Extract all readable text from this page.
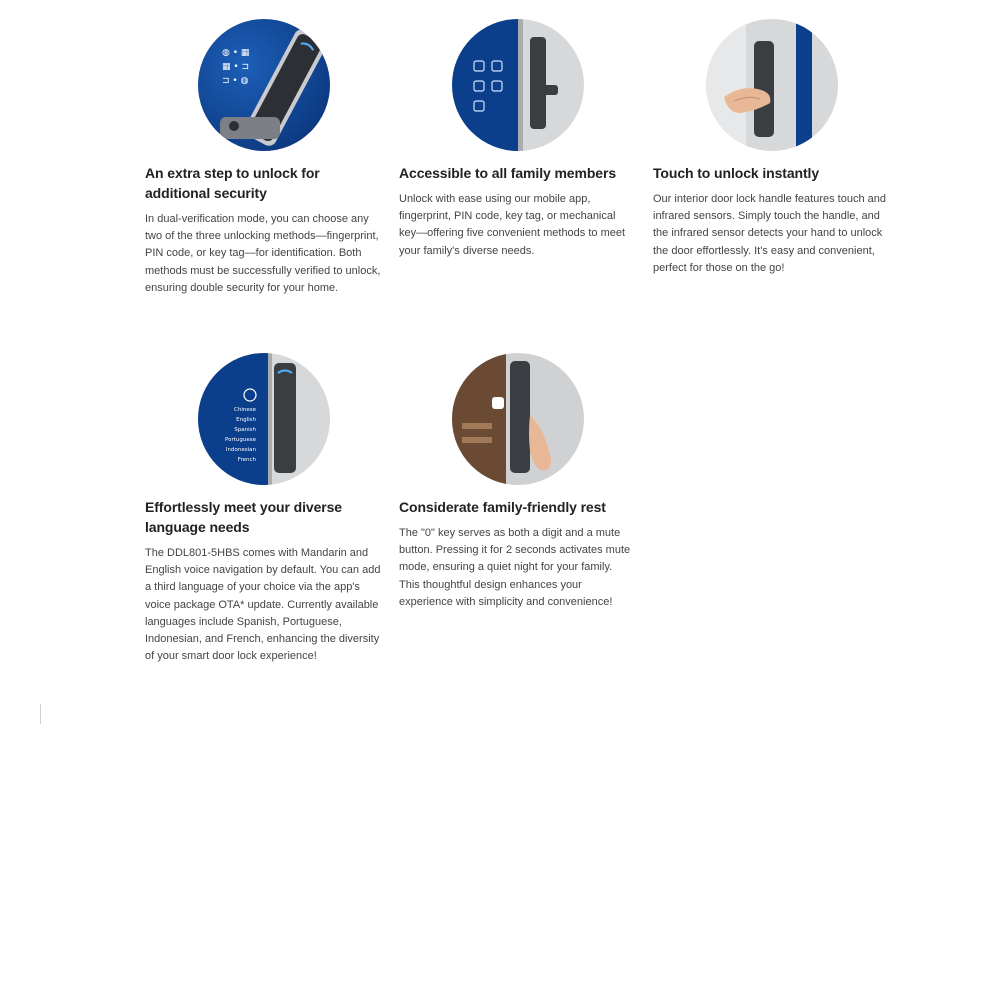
◍ • ▦
▦ • ⊐
⊐ • ◍
An extra step to unlock for additional security

In dual-verification mode, you can choose any two of the three unlocking methods—fingerprint, PIN code, or key tag—for identification. Both methods must be successfully verified to unlock, ensuring double security for your home.

Accessible to all family members

Unlock with ease using our mobile app, fingerprint, PIN code, key tag, or mechanical key—offering five convenient methods to meet your family's diverse needs.

Touch to unlock instantly

Our interior door lock handle features touch and infrared sensors. Simply touch the handle, and the infrared sensor detects your hand to unlock the door effortlessly. It's easy and convenient, perfect for those on the go!

Chinese
English
Spanish
Portuguese
Indonesian
French
Effortlessly meet your diverse language needs

The DDL801-5HBS comes with Mandarin and English voice navigation by default. You can add a third language of your choice via the app's voice package OTA* update. Currently available languages include Spanish, Portuguese, Indonesian, and French, enhancing the diversity of your smart door lock experience!

Considerate family-friendly rest

The "0" key serves as both a digit and a mute button. Pressing it for 2 seconds activates mute mode, ensuring a quiet night for your family. This thoughtful design enhances your experience with simplicity and convenience!
